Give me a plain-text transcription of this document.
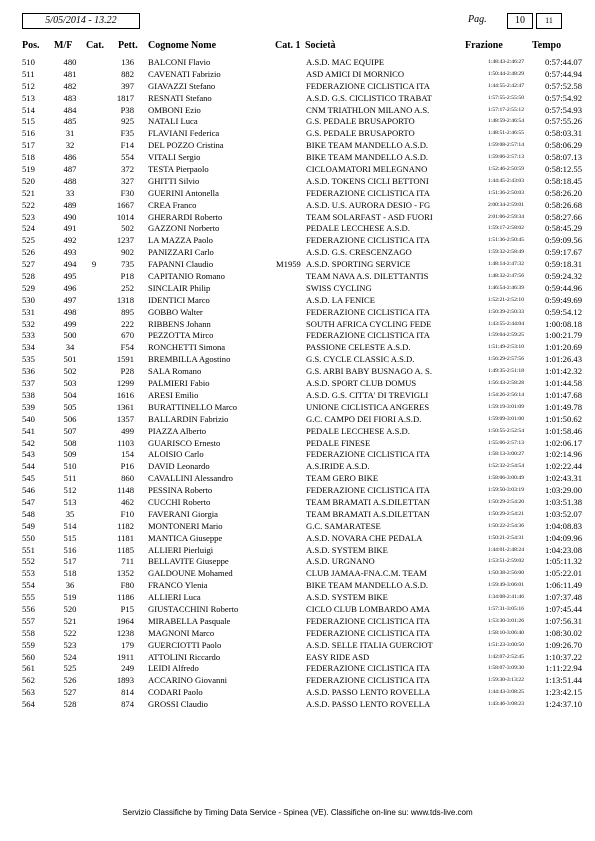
5/05/2014 - 13.22	Pag.	10	11
Pos. M/F Cat. Pett. Cognome Nome	Cat. 1 Società	Frazione	Tempo
510	480	136 BALCONI Flavio	A.S.D. MAC EQUIPE	1:48:43-2:46:27	0:57:44.07
511	481	882 CAVENATI Fabrizio	ASD AMICI DI MORNICO	1:50:44-2:48:29	0:57:44.94
512	482	397 GIAVAZZI Stefano	FEDERAZIONE CICLISTICA ITA	1:44:55-2:42:47	0:57:52.58
513	483	1817 RESNATI Stefano	A.S.D. G.S. CICLISTICO TRABAT	1:57:55-2:55:50	0:57:54.92
514	484	P38 OMBONI Ezio	CNM TRIATHLON MILANO A.S.	1:57:17-2:55:12	0:57:54.93
515	485	925 NATALI Luca	G.S. PEDALE BRUSAPORTO	1:48:59-2:46:54	0:57:55.26
516	31	F35 FLAVIANI Federica	G.S. PEDALE BRUSAPORTO	1:48:51-2:46:55	0:58:03.31
517	32	F14 DEL POZZO Cristina	BIKE TEAM MANDELLO A.S.D.	1:59:08-2:57:14	0:58:06.29
518	486	554 VITALI Sergio	BIKE TEAM MANDELLO A.S.D.	1:59:06-2:57:13	0:58:07.13
519	487	372 TESTA Pierpaolo	CICLOAMATORI MELEGNANO	1:52:46-2:50:59	0:58:12.55
520	488	327 GHITTI Silvio	A.S.D. TOKENS CICLI BETTONI	1:44:45-2:43:03	0:58:18.45
521	33	F30 GUERINI Antonella	FEDERAZIONE CICLISTICA ITA	1:51:36-2:50:03	0:58:26.20
522	489	1667 CREA Franco	A.S.D. U.S. AURORA DESIO - FG	2:00:34-2:59:01	0:58:26.68
523	490	1014 GHERARDI Roberto	TEAM SOLARFAST - ASD FUORI	2:01:06-2:59:34	0:58:27.66
524	491	502 GAZZONI Norberto	PEDALE LECCHESE A.S.D.	1:59:17-2:58:02	0:58:45.29
525	492	1237 LA MAZZA Paolo	FEDERAZIONE CICLISTICA ITA	1:51:36-2:50:45	0:59:09.56
526	493	902 PANIZZARI Carlo	A.S.D. G.S. CRESCENZAGO	1:59:32-2:58:49	0:59:17.67
527	494	9	735 FAPANNI Claudio	M1959 A.S.D. SPORTING SERVICE	1:48:14-2:47:32	0:59:18.31
528	495	P18 CAPITANIO Romano	TEAM NAVA A.S. DILETTANTIS	1:48:32-2:47:56	0:59:24.32
529	496	252 SINCLAIR Philip	SWISS CYCLING	1:46:54-2:46:39	0:59:44.96
530	497	1318 IDENTICI Marco	A.S.D. LA FENICE	1:52:21-2:52:10	0:59:49.69
531	498	895 GOBBO Walter	FEDERAZIONE CICLISTICA ITA	1:50:39-2:50:33	0:59:54.12
532	499	222 RIBBENS Johann	SOUTH AFRICA CYCLING FEDE	1:43:55-2:44:04	1:00:08.18
533	500	670 PEZZOTTA Mirco	FEDERAZIONE CICLISTICA ITA	1:59:04-2:59:25	1:00:21.79
534	34	F54 RONCHETTI Simona	PASSIONE CELESTE A.S.D.	1:51:49-2:53:10	1:01:20.69
535	501	1591 BREMBILLA Agostino	G.S. CYCLE CLASSIC A.S.D.	1:56:29-2:57:56	1:01:26.43
536	502	P28 SALA Romano	G.S. ARBI BABY BUSNAGO A. S.	1:49:35-2:51:18	1:01:42.32
537	503	1299 PALMIERI Fabio	A.S.D. SPORT CLUB DOMUS	1:56:43-2:58:28	1:01:44.58
538	504	1616 ARESI Emilio	A.S.D. G.S. CITTA' DI TREVIGLI	1:54:26-2:56:14	1:01:47.68
539	505	1361 BURATTINELLO Marco	UNIONE CICLISTICA ANGERES	1:59:19-3:01:09	1:01:49.78
540	506	1357 BALLARDIN Fabrizio	G.C. CAMPO DEI FIORI A.S.D.	1:59:09-3:01:00	1:01:50.62
541	507	499 PIAZZA Alberto	PEDALE LECCHESE A.S.D.	1:50:55-2:52:54	1:01:58.46
542	508	1103 GUARISCO Ernesto	PEDALE FINESE	1:55:06-2:57:13	1:02:06.17
543	509	154 ALOISIO Carlo	FEDERAZIONE CICLISTICA ITA	1:58:13-3:00:27	1:02:14.96
544	510	P16 DAVID Leonardo	A.S.IRIDE A.S.D.	1:52:32-2:54:54	1:02:22.44
545	511	860 CAVALLINI Alessandro	TEAM GERO BIKE	1:58:06-3:00:49	1:02:43.31
546	512	1148 PESSINA Roberto	FEDERAZIONE CICLISTICA ITA	1:59:50-3:03:19	1:03:29.00
547	513	462 CUCCHI Roberto	TEAM BRAMATI A.S.DILETTAN	1:50:29-2:54:20	1:03:51.38
548	35	F10 FAVERANI Giorgia	TEAM BRAMATI A.S.DILETTAN	1:50:29-2:54:21	1:03:52.07
549	514	1182 MONTONERI Mario	G.C. SAMARATESE	1:50:22-2:54:36	1:04:08.83
550	515	1181 MANTICA Giuseppe	A.S.D. NOVARA CHE PEDALA	1:50:21-2:54:31	1:04:09.96
551	516	1185 ALLIERI Pierluigi	A.S.D. SYSTEM BIKE	1:44:01-2:48:24	1:04:23.08
552	517	711 BELLAVITE Giuseppe	A.S.D. URGNANO	1:53:51-2:59:02	1:05:11.32
553	518	1352 GALDOUNE Mohamed	CLUB JAMAA-FNA.C.M. TEAM	1:50:38-2:56:00	1:05:22.01
554	36	F80 FRANCO Ylenia	BIKE TEAM MANDELLO A.S.D.	1:59:49-3:06:01	1:06:11.49
555	519	1186 ALLIERI Luca	A.S.D. SYSTEM BIKE	1:34:08-2:41:46	1:07:37.48
556	520	P15 GIUSTACCHINI Roberto	CICLO CLUB LOMBARDO AMA	1:57:31-3:05:16	1:07:45.44
557	521	1964 MIRABELLA Pasquale	FEDERAZIONE CICLISTICA ITA	1:53:30-3:01:26	1:07:56.31
558	522	1238 MAGNONI Marco	FEDERAZIONE CICLISTICA ITA	1:58:10-3:06:40	1:08:30.02
559	523	179 GUERCIOTTI Paolo	A.S.D. SELLE ITALIA GUERCIOT	1:51:23-3:00:50	1:09:26.70
560	524	1911 ATTOLINI Riccardo	EASY RIDE ASD	1:42:07-2:52:45	1:10:37.22
561	525	249 LEIDI Alfredo	FEDERAZIONE CICLISTICA ITA	1:58:07-3:09:30	1:11:22.94
562	526	1893 ACCARINO Giovanni	FEDERAZIONE CICLISTICA ITA	1:59:30-3:13:22	1:13:51.44
563	527	814 CODARI Paolo	A.S.D. PASSO LENTO ROVELLA	1:44:43-3:08:25	1:23:42.15
564	528	874 GROSSI Claudio	A.S.D. PASSO LENTO ROVELLA	1:43:46-3:08:23	1:24:37.10
Servizio Classifiche by Timing Data Service - Spinea (VE). Classifiche on-line su: www.tds-live.com
